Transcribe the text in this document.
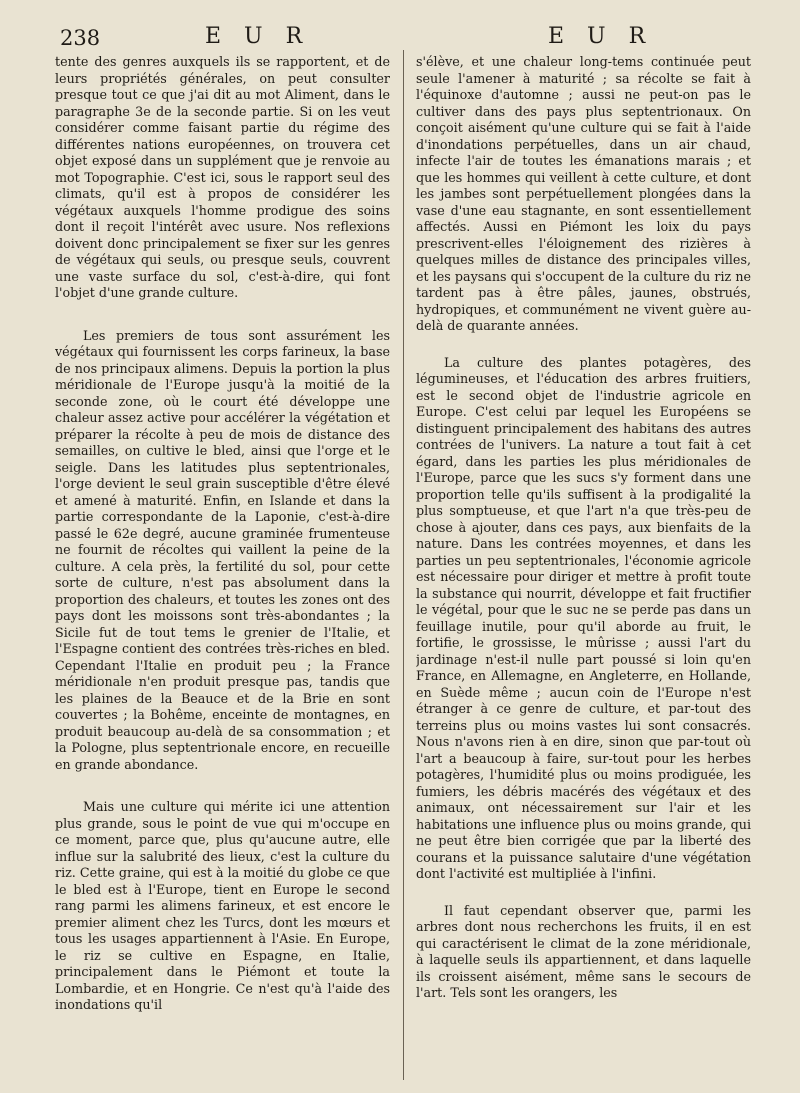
238	E U R	E U R

tente des genres auxquels ils se rapportent, et de leurs propriétés générales, on peut consulter presque tout ce que j'ai dit au mot Aliment, dans le paragraphe 3e de la seconde partie. Si on les veut considérer comme faisant partie du régime des différentes nations européennes, on trouvera cet objet exposé dans un supplément que je renvoie au mot Topographie. C'est ici, sous le rapport seul des climats, qu'il est à propos de considérer les végétaux auxquels l'homme prodigue des soins dont il reçoit l'intérêt avec usure. Nos reflexions doivent donc principalement se fixer sur les genres de végétaux qui seuls, ou presque seuls, couvrent une vaste surface du sol, c'est-à-dire, qui font l'objet d'une grande culture.

Les premiers de tous sont assurément les végétaux qui fournissent les corps farineux, la base de nos principaux alimens. Depuis la portion la plus méridionale de l'Europe jusqu'à la moitié de la seconde zone, où le court été développe une chaleur assez active pour accélérer la végétation et préparer la récolte à peu de mois de distance des semailles, on cultive le bled, ainsi que l'orge et le seigle. Dans les latitudes plus septentrionales, l'orge devient le seul grain susceptible d'être élevé et amené à maturité. Enfin, en Islande et dans la partie correspondante de la Laponie, c'est-à-dire passé le 62e degré, aucune graminée frumenteuse ne fournit de récoltes qui vaillent la peine de la culture. A cela près, la fertilité du sol, pour cette sorte de culture, n'est pas absolument dans la proportion des chaleurs, et toutes les zones ont des pays dont les moissons sont très-abondantes ; la Sicile fut de tout tems le grenier de l'Italie, et l'Espagne contient des contrées très-riches en bled. Cependant l'Italie en produit peu ; la France méridionale n'en produit presque pas, tandis que les plaines de la Beauce et de la Brie en sont couvertes ; la Bohême, enceinte de montagnes, en produit beaucoup au-delà de sa consommation ; et la Pologne, plus septentrionale encore, en recueille en grande abondance.

Mais une culture qui mérite ici une attention plus grande, sous le point de vue qui m'occupe en ce moment, parce que, plus qu'aucune autre, elle influe sur la salubrité des lieux, c'est la culture du riz. Cette graine, qui est à la moitié du globe ce que le bled est à l'Europe, tient en Europe le second rang parmi les alimens farineux, et est encore le premier aliment chez les Turcs, dont les mœurs et tous les usages appartiennent à l'Asie. En Europe, le riz se cultive en Espagne, en Italie, principalement dans le Piémont et toute la Lombardie, et en Hongrie. Ce n'est qu'à l'aide des inondations qu'il

s'élève, et une chaleur long-tems continuée peut seule l'amener à maturité ; sa récolte se fait à l'équinoxe d'automne ; aussi ne peut-on pas le cultiver dans des pays plus septentrionaux. On conçoit aisément qu'une culture qui se fait à l'aide d'inondations perpétuelles, dans un air chaud, infecte l'air de toutes les émanations marais ; et que les hommes qui veillent à cette culture, et dont les jambes sont perpétuellement plongées dans la vase d'une eau stagnante, en sont essentiellement affectés. Aussi en Piémont les loix du pays prescrivent-elles l'éloignement des rizières à quelques milles de distance des principales villes, et les paysans qui s'occupent de la culture du riz ne tardent pas à être pâles, jaunes, obstrués, hydropiques, et communément ne vivent guère au-delà de quarante années.

La culture des plantes potagères, des légumineuses, et l'éducation des arbres fruitiers, est le second objet de l'industrie agricole en Europe. C'est celui par lequel les Européens se distinguent principalement des habitans des autres contrées de l'univers. La nature a tout fait à cet égard, dans les parties les plus méridionales de l'Europe, parce que les sucs s'y forment dans une proportion telle qu'ils suffisent à la prodigalité la plus somptueuse, et que l'art n'a que très-peu de chose à ajouter, dans ces pays, aux bienfaits de la nature. Dans les contrées moyennes, et dans les parties un peu septentrionales, l'économie agricole est nécessaire pour diriger et mettre à profit toute la substance qui nourrit, développe et fait fructifier le végétal, pour que le suc ne se perde pas dans un feuillage inutile, pour qu'il aborde au fruit, le fortifie, le grossisse, le mûrisse ; aussi l'art du jardinage n'est-il nulle part poussé si loin qu'en France, en Allemagne, en Angleterre, en Hollande, en Suède même ; aucun coin de l'Europe n'est étranger à ce genre de culture, et par-tout des terreins plus ou moins vastes lui sont consacrés. Nous n'avons rien à en dire, sinon que par-tout où l'art a beaucoup à faire, sur-tout pour les herbes potagères, l'humidité plus ou moins prodiguée, les fumiers, les débris macérés des végétaux et des animaux, ont nécessairement sur l'air et les habitations une influence plus ou moins grande, qui ne peut être bien corrigée que par la liberté des courans et la puissance salutaire d'une végétation dont l'activité est multipliée à l'infini.

Il faut cependant observer que, parmi les arbres dont nous recherchons les fruits, il en est qui caractérisent le climat de la zone méridionale, à laquelle seuls ils appartiennent, et dans laquelle ils croissent aisément, même sans le secours de l'art. Tels sont les orangers, les
